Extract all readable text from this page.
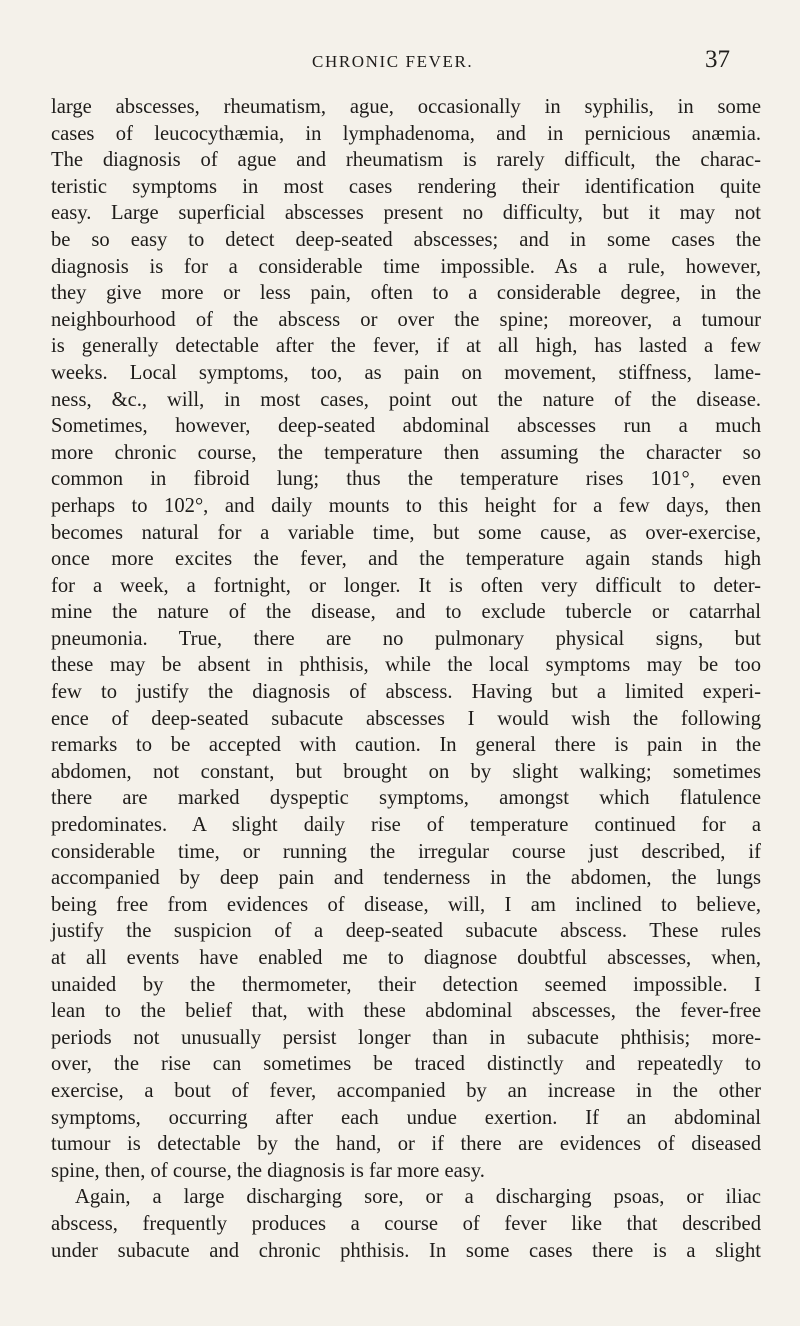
CHRONIC FEVER.	37
large abscesses, rheumatism, ague, occasionally in syphilis, in some
cases of leucocythæmia, in lymphadenoma, and in pernicious anæmia.
The diagnosis of ague and rheumatism is rarely difficult, the charac-
teristic symptoms in most cases rendering their identification quite
easy. Large superficial abscesses present no difficulty, but it may not
be so easy to detect deep-seated abscesses; and in some cases the
diagnosis is for a considerable time impossible. As a rule, however,
they give more or less pain, often to a considerable degree, in the
neighbourhood of the abscess or over the spine; moreover, a tumour
is generally detectable after the fever, if at all high, has lasted a few
weeks. Local symptoms, too, as pain on movement, stiffness, lame-
ness, &c., will, in most cases, point out the nature of the disease.
Sometimes, however, deep-seated abdominal abscesses run a much
more chronic course, the temperature then assuming the character so
common in fibroid lung; thus the temperature rises 101°, even
perhaps to 102°, and daily mounts to this height for a few days, then
becomes natural for a variable time, but some cause, as over-exercise,
once more excites the fever, and the temperature again stands high
for a week, a fortnight, or longer. It is often very difficult to deter-
mine the nature of the disease, and to exclude tubercle or catarrhal
pneumonia. True, there are no pulmonary physical signs, but
these may be absent in phthisis, while the local symptoms may be too
few to justify the diagnosis of abscess. Having but a limited experi-
ence of deep-seated subacute abscesses I would wish the following
remarks to be accepted with caution. In general there is pain in the
abdomen, not constant, but brought on by slight walking; sometimes
there are marked dyspeptic symptoms, amongst which flatulence
predominates. A slight daily rise of temperature continued for a
considerable time, or running the irregular course just described, if
accompanied by deep pain and tenderness in the abdomen, the lungs
being free from evidences of disease, will, I am inclined to believe,
justify the suspicion of a deep-seated subacute abscess. These rules
at all events have enabled me to diagnose doubtful abscesses, when,
unaided by the thermometer, their detection seemed impossible. I
lean to the belief that, with these abdominal abscesses, the fever-free
periods not unusually persist longer than in subacute phthisis; more-
over, the rise can sometimes be traced distinctly and repeatedly to
exercise, a bout of fever, accompanied by an increase in the other
symptoms, occurring after each undue exertion. If an abdominal
tumour is detectable by the hand, or if there are evidences of diseased
spine, then, of course, the diagnosis is far more easy.
Again, a large discharging sore, or a discharging psoas, or iliac
abscess, frequently produces a course of fever like that described
under subacute and chronic phthisis. In some cases there is a slight
